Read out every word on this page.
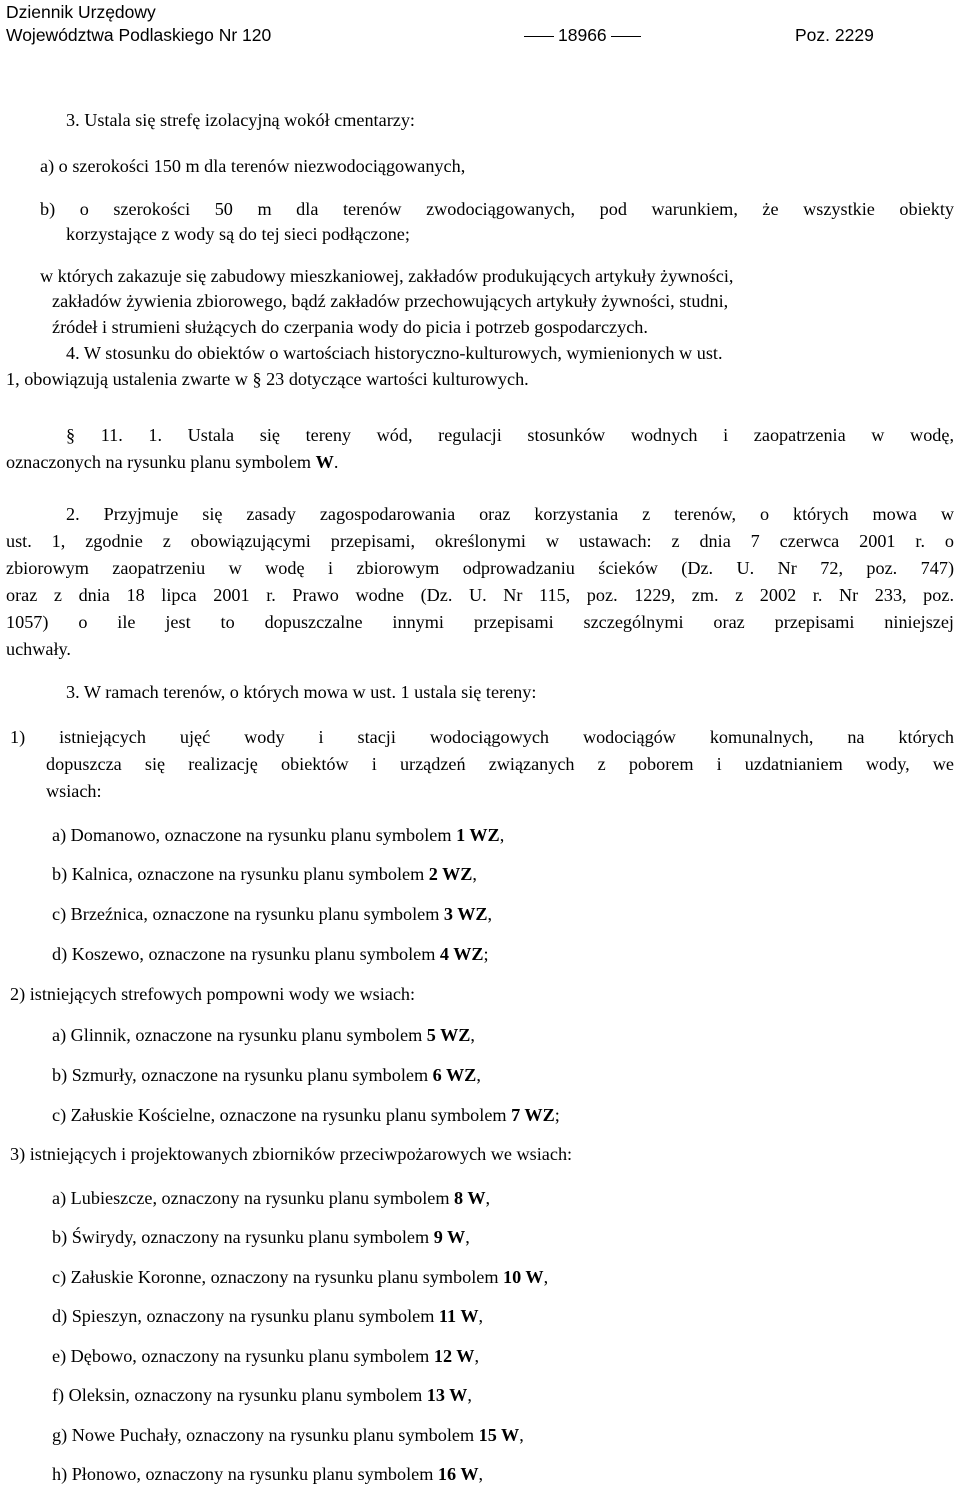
Dziennik Urzędowy
Województwa Podlaskiego Nr 120	18966	Poz. 2229
3. Ustala się strefę izolacyjną wokół cmentarzy:
a) o szerokości 150 m dla terenów niezwodociągowanych,
b) o szerokości 50 m dla terenów zwodociągowanych, pod warunkiem, że wszystkie obiekty
korzystające z wody są do tej sieci podłączone;
w których zakazuje się zabudowy mieszkaniowej, zakładów produkujących artykuły żywności,
zakładów żywienia zbiorowego, bądź zakładów przechowujących artykuły żywności, studni,
źródeł i strumieni służących do czerpania wody do picia i potrzeb gospodarczych.
4. W stosunku do obiektów o wartościach historyczno-kulturowych, wymienionych w ust.
1, obowiązują ustalenia zwarte w § 23 dotyczące wartości kulturowych.
§ 11. 1. Ustala się tereny wód, regulacji stosunków wodnych i zaopatrzenia w wodę,
oznaczonych na rysunku planu symbolem W.
2. Przyjmuje się zasady zagospodarowania oraz korzystania z terenów, o których mowa w
ust. 1, zgodnie z obowiązującymi przepisami, określonymi w ustawach: z dnia 7 czerwca 2001 r. o
zbiorowym zaopatrzeniu w wodę i zbiorowym odprowadzaniu ścieków (Dz. U. Nr 72, poz. 747)
oraz z dnia 18 lipca 2001 r. Prawo wodne (Dz. U. Nr 115, poz. 1229, zm. z 2002 r. Nr 233, poz.
1057) o ile jest to dopuszczalne innymi przepisami szczególnymi oraz przepisami niniejszej
uchwały.
3. W ramach terenów, o których mowa w ust. 1 ustala się tereny:
1) istniejących ujęć wody i stacji wodociągowych wodociągów komunalnych, na których
dopuszcza się realizację obiektów i urządzeń związanych z poborem i uzdatnianiem wody, we
wsiach:
a) Domanowo, oznaczone na rysunku planu symbolem 1 WZ,
b) Kalnica, oznaczone na rysunku planu symbolem 2 WZ,
c) Brzeźnica, oznaczone na rysunku planu symbolem 3 WZ,
d) Koszewo, oznaczone na rysunku planu symbolem 4 WZ;
2) istniejących strefowych pompowni wody we wsiach:
a) Glinnik, oznaczone na rysunku planu symbolem 5 WZ,
b) Szmurły, oznaczone na rysunku planu symbolem 6 WZ,
c) Załuskie Kościelne, oznaczone na rysunku planu symbolem 7 WZ;
3) istniejących i projektowanych zbiorników przeciwpożarowych we wsiach:
a) Lubieszcze, oznaczony na rysunku planu symbolem 8 W,
b) Świrydy, oznaczony na rysunku planu symbolem 9 W,
c) Załuskie Koronne, oznaczony na rysunku planu symbolem 10 W,
d) Spieszyn, oznaczony na rysunku planu symbolem 11 W,
e) Dębowo, oznaczony na rysunku planu symbolem 12 W,
f) Oleksin, oznaczony na rysunku planu symbolem 13 W,
g) Nowe Puchały, oznaczony na rysunku planu symbolem 15 W,
h) Płonowo, oznaczony na rysunku planu symbolem 16 W,
